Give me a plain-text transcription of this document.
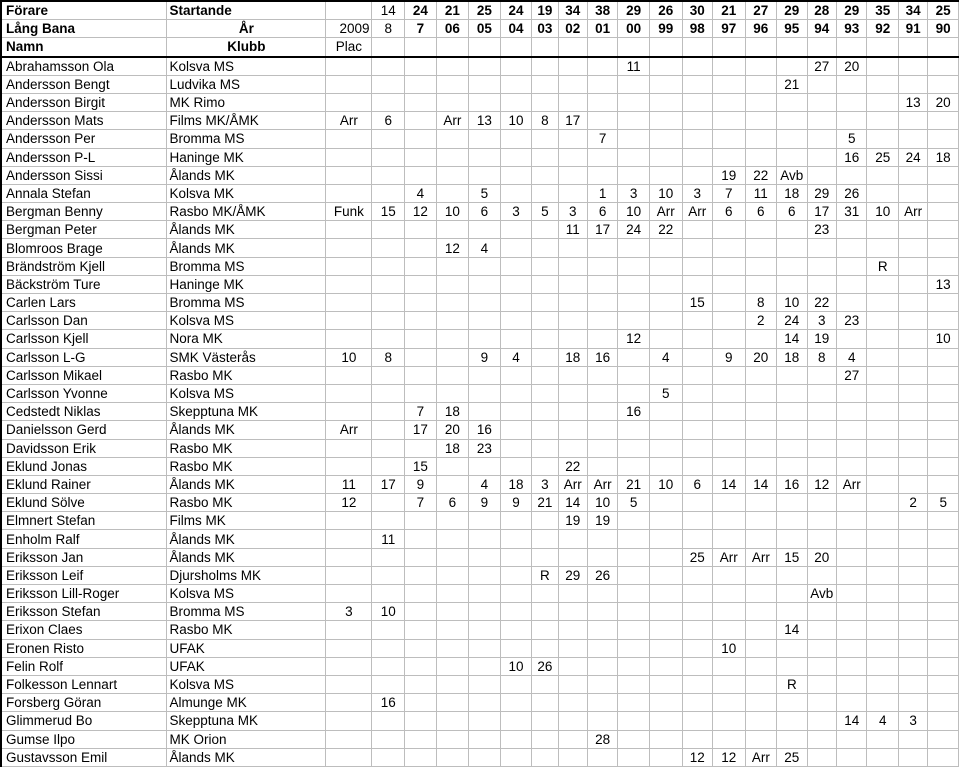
Förare	Startande		14	24	21	25	24	19	34	38	29	26	30	21	27	29	28	29	35	34	25
Lång Bana	År	2009	8	7	06	05	04	03	02	01	00	99	98	97	96	95	94	93	92	91	90
Namn	Klubb	Plac																			
Abrahamsson Ola	Kolsva MS										11						27	20			
Andersson Bengt	Ludvika MS															21					
Andersson Birgit	MK Rimo																			13	20
Andersson Mats	Films MK/ÅMK	Arr	6		Arr	13	10	8	17												
Andersson Per	Bromma MS									7								5			
Andersson P-L	Haninge MK																	16	25	24	18
Andersson Sissi	Ålands MK													19	22	Avb					
Annala Stefan	Kolsva MK			4		5				1	3	10	3	7	11	18	29	26			
Bergman Benny	Rasbo MK/ÅMK	Funk	15	12	10	6	3	5	3	6	10	Arr	Arr	6	6	6	17	31	10	Arr	
Bergman Peter	Ålands MK								11	17	24	22					23				
Blomroos Brage	Ålands MK				12	4															
Brändström Kjell	Bromma MS																		R		
Bäckström Ture	Haninge MK																				13
Carlen Lars	Bromma MS												15		8	10	22				
Carlsson Dan	Kolsva MS														2	24	3	23			
Carlsson Kjell	Nora MK										12					14	19				10
Carlsson L-G	SMK Västerås	10	8			9	4		18	16		4		9	20	18	8	4			
Carlsson Mikael	Rasbo MK																	27			
Carlsson Yvonne	Kolsva MS											5									
Cedstedt Niklas	Skepptuna MK			7	18						16										
Danielsson Gerd	Ålands MK	Arr		17	20	16															
Davidsson Erik	Rasbo MK				18	23															
Eklund Jonas	Rasbo MK			15					22												
Eklund Rainer	Ålands MK	11	17	9		4	18	3	Arr	Arr	21	10	6	14	14	16	12	Arr			
Eklund Sölve	Rasbo MK	12		7	6	9	9	21	14	10	5									2	5
Elmnert Stefan	Films MK								19	19											
Enholm Ralf	Ålands MK		11																		
Eriksson Jan	Ålands MK												25	Arr	Arr	15	20				
Eriksson Leif	Djursholms MK							R	29	26											
Eriksson Lill-Roger	Kolsva MS																Avb				
Eriksson Stefan	Bromma MS	3	10																		
Erixon Claes	Rasbo MK															14					
Eronen Risto	UFAK													10							
Felin Rolf	UFAK						10	26													
Folkesson Lennart	Kolsva MS															R					
Forsberg Göran	Almunge MK		16																		
Glimmerud Bo	Skepptuna MK																	14	4	3	
Gumse Ilpo	MK Orion									28											
Gustavsson Emil	Ålands MK												12	12	Arr	25					
